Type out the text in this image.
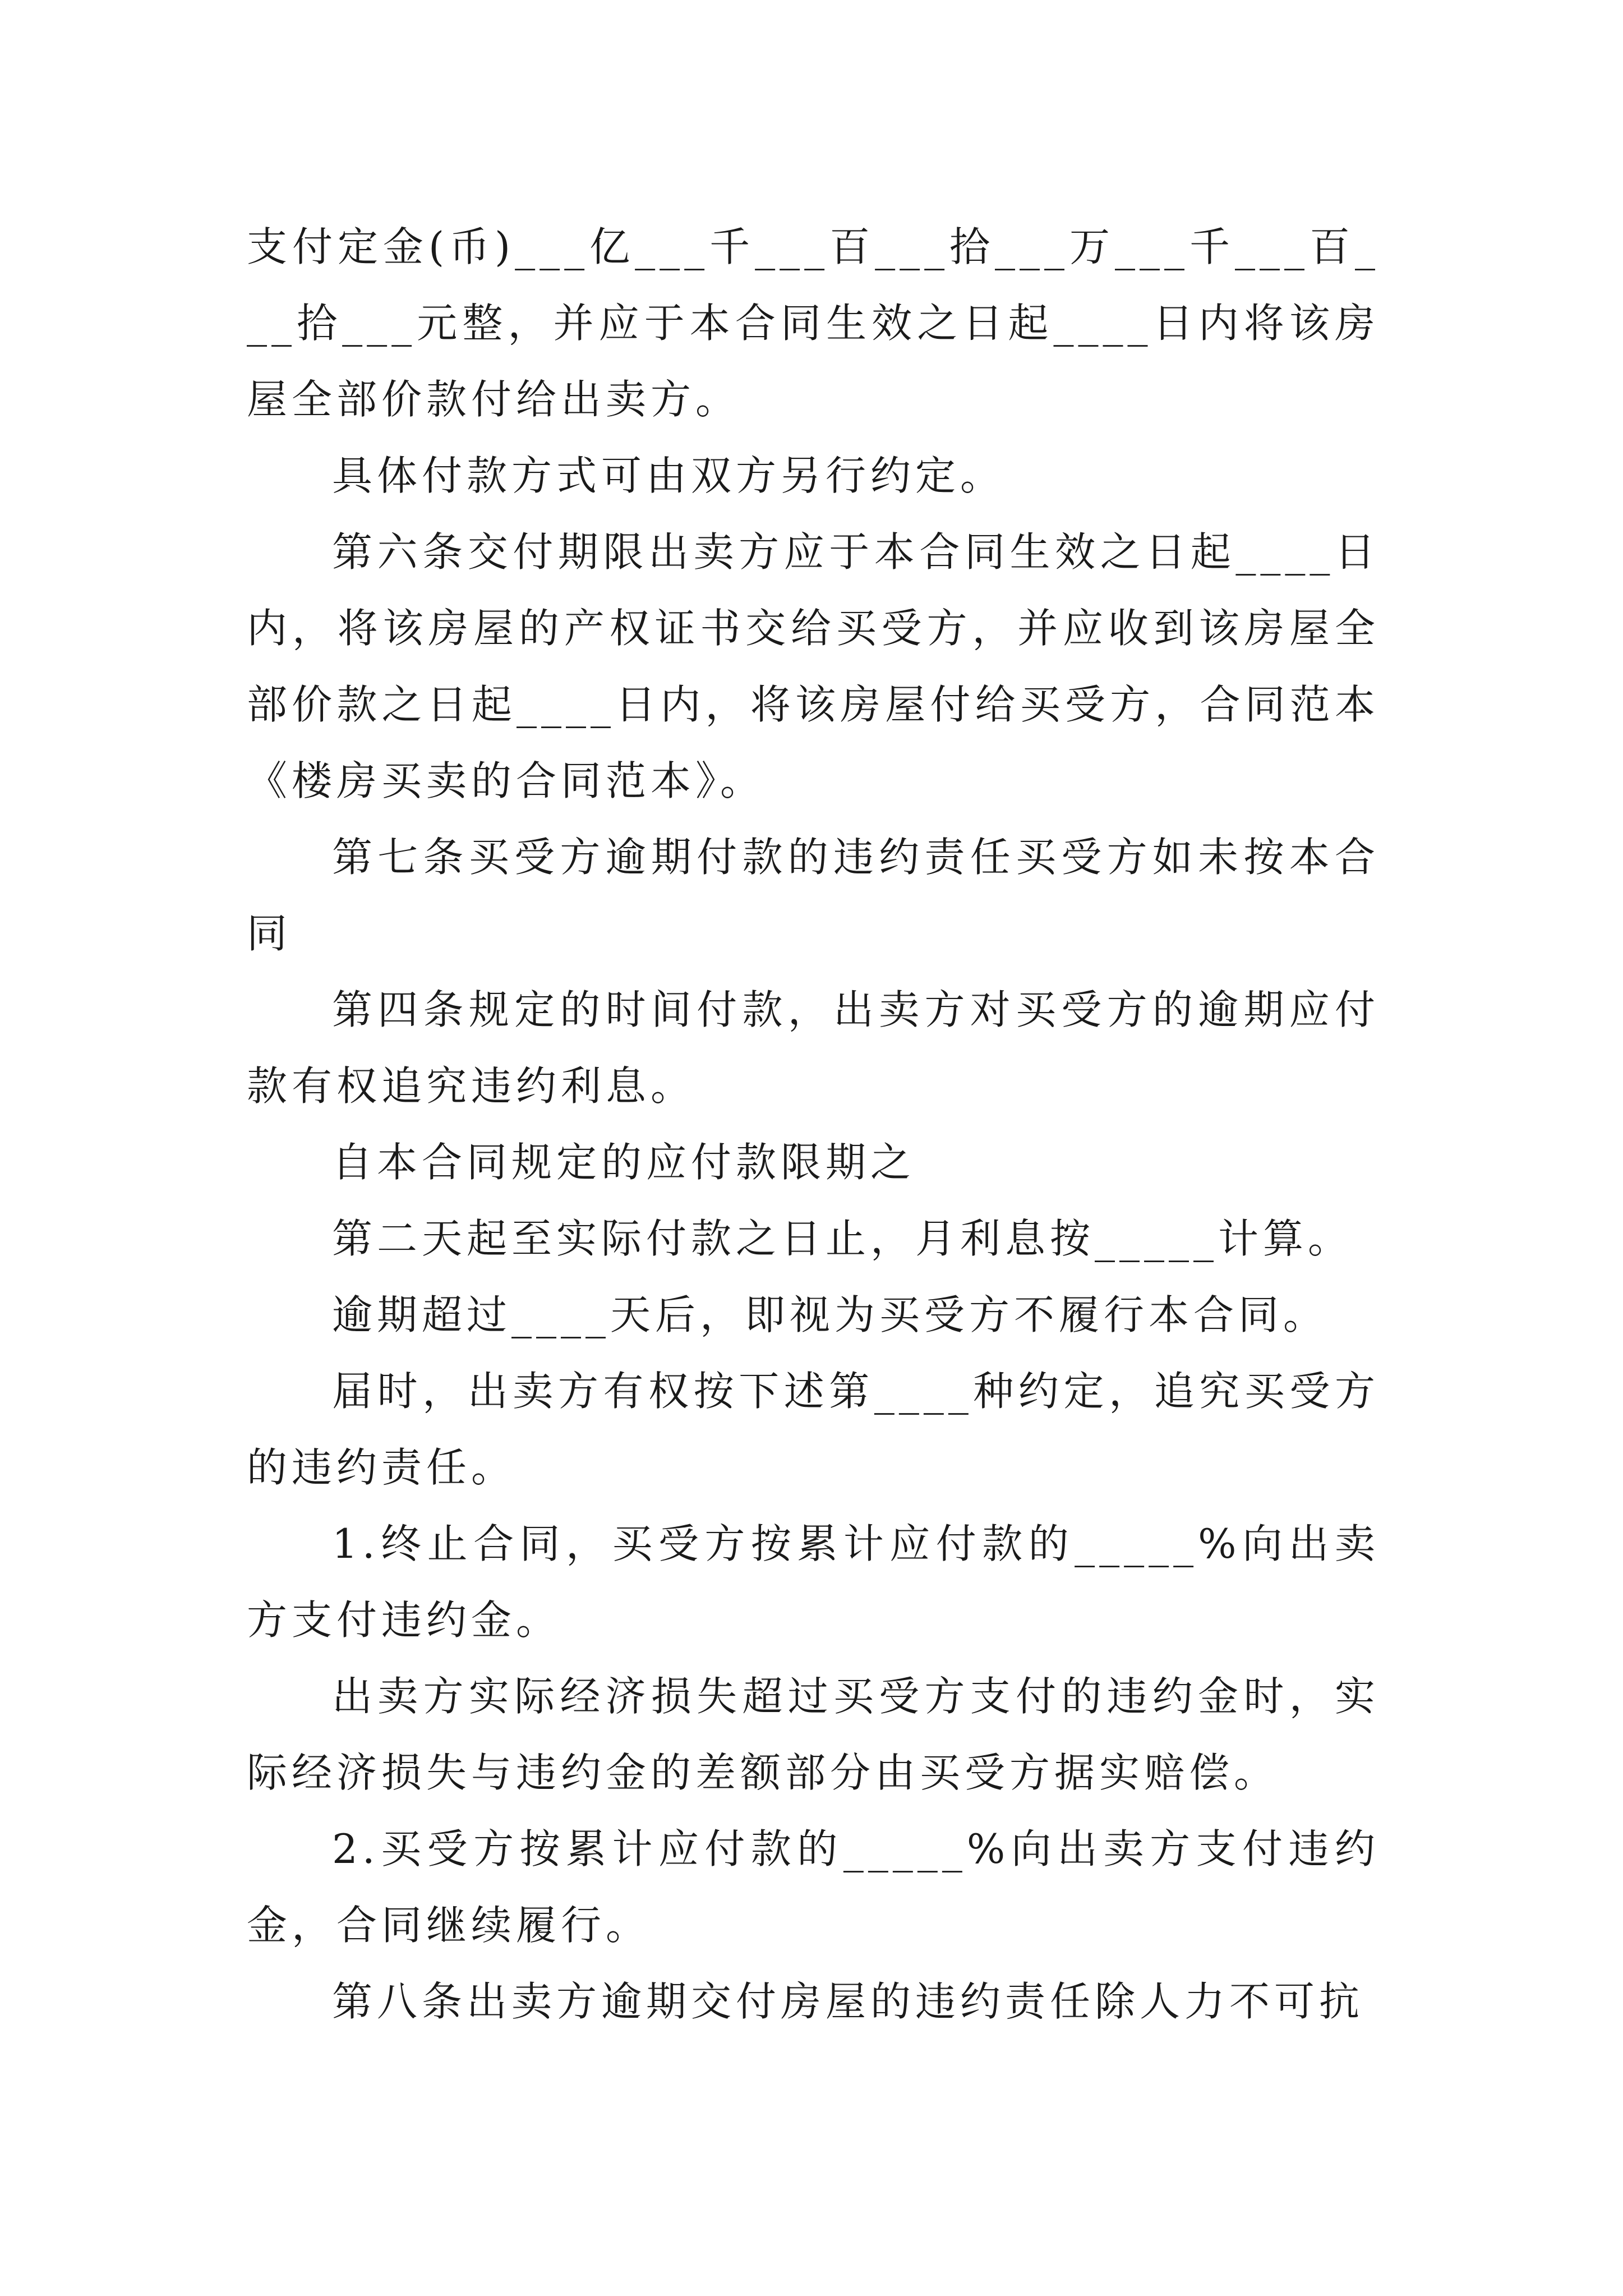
支付定金(币)___亿___千___百___拾___万___千___百___拾___元整，并应于本合同生效之日起____日内将该房屋全部价款付给出卖方。

具体付款方式可由双方另行约定。

第六条交付期限出卖方应于本合同生效之日起____日内，将该房屋的产权证书交给买受方，并应收到该房屋全部价款之日起____日内，将该房屋付给买受方，合同范本《楼房买卖的合同范本》。

第七条买受方逾期付款的违约责任买受方如未按本合同

第四条规定的时间付款，出卖方对买受方的逾期应付款有权追究违约利息。

自本合同规定的应付款限期之

第二天起至实际付款之日止，月利息按_____计算。

逾期超过____天后，即视为买受方不履行本合同。

届时，出卖方有权按下述第____种约定，追究买受方的违约责任。

1.终止合同，买受方按累计应付款的_____%向出卖方支付违约金。

出卖方实际经济损失超过买受方支付的违约金时，实际经济损失与违约金的差额部分由买受方据实赔偿。

2.买受方按累计应付款的_____%向出卖方支付违约金，合同继续履行。

第八条出卖方逾期交付房屋的违约责任除人力不可抗
